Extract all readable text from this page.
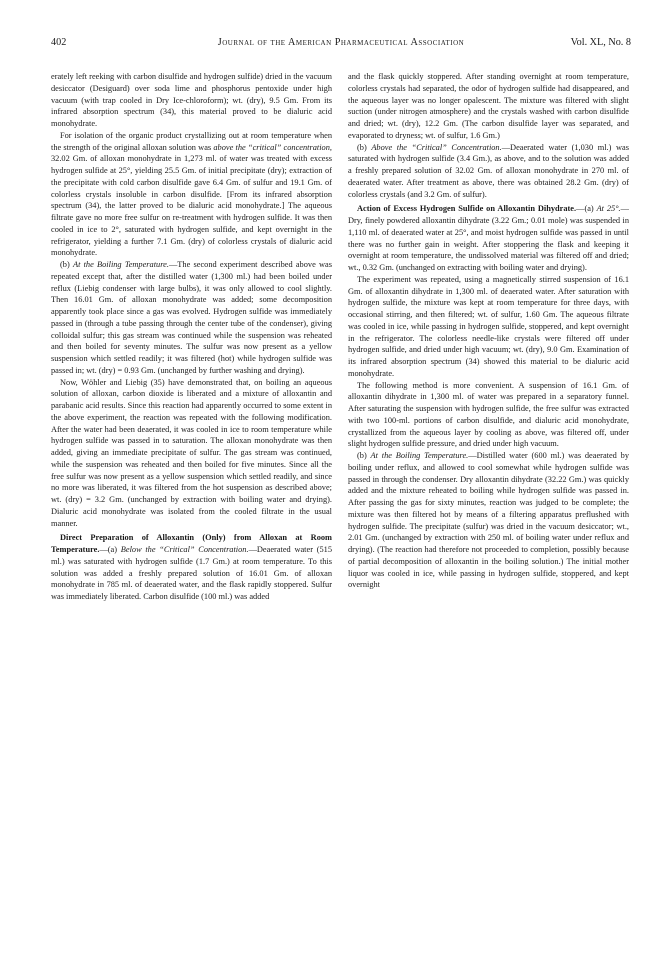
402	Journal of the American Pharmaceutical Association	Vol. XL, No. 8

erately left reeking with carbon disulfide and hydrogen sulfide) dried in the vacuum desiccator (Desiguard) over soda lime and phosphorus pentoxide under high vacuum (with trap cooled in Dry Ice-chloroform); wt. (dry), 9.5 Gm. From its infrared absorption spectrum (34), this material proved to be dialuric acid monohydrate.

For isolation of the organic product crystallizing out at room temperature when the strength of the original alloxan solution was above the “critical” concentration, 32.02 Gm. of alloxan monohydrate in 1,273 ml. of water was treated with excess hydrogen sulfide at 25°, yielding 25.5 Gm. of initial precipitate (dry); extraction of the precipitate with cold carbon disulfide gave 6.4 Gm. of sulfur and 19.1 Gm. of colorless crystals insoluble in carbon disulfide. [From its infrared absorption spectrum (34), the latter proved to be dialuric acid monohydrate.] The aqueous filtrate gave no more free sulfur on re-treatment with hydrogen sulfide. It was then cooled in ice to 2°, saturated with hydrogen sulfide, and kept overnight in the refrigerator, yielding a further 7.1 Gm. (dry) of colorless crystals of dialuric acid monohydrate.

(b) At the Boiling Temperature.—The second experiment described above was repeated except that, after the distilled water (1,300 ml.) had been boiled under reflux (Liebig condenser with large bulbs), it was only allowed to cool slightly. Then 16.01 Gm. of alloxan monohydrate was added; some decomposition apparently took place since a gas was evolved. Hydrogen sulfide was immediately passed in (through a tube passing through the center tube of the condenser), giving colloidal sulfur; this gas stream was continued while the suspension was reheated and then boiled for seventy minutes. The sulfur was now present as a yellow suspension which settled readily; it was filtered (hot) while hydrogen sulfide was passed in; wt. (dry) = 0.93 Gm. (unchanged by further washing and drying).

Now, Wöhler and Liebig (35) have demonstrated that, on boiling an aqueous solution of alloxan, carbon dioxide is liberated and a mixture of alloxantin and parabanic acid results. Since this reaction had apparently occurred to some extent in the above experiment, the reaction was repeated with the following modification. After the water had been deaerated, it was cooled in ice to room temperature while hydrogen sulfide was passed in to saturation. The alloxan monohydrate was then added, giving an immediate precipitate of sulfur. The gas stream was continued, while the suspension was reheated and then boiled for five minutes. Since all the free sulfur was now present as a yellow suspension which settled readily, and since no more was liberated, it was filtered from the hot suspension as described above; wt. (dry) = 3.2 Gm. (unchanged by extraction with boiling water and drying). Dialuric acid monohydrate was isolated from the cooled filtrate in the usual manner.

Direct Preparation of Alloxantin (Only) from Alloxan at Room Temperature.—(a) Below the “Critical” Concentration.—Deaerated water (515 ml.) was saturated with hydrogen sulfide (1.7 Gm.) at room temperature. To this solution was added a freshly prepared solution of 16.01 Gm. of alloxan monohydrate in 785 ml. of deaerated water, and the flask rapidly stoppered. Sulfur was immediately liberated. Carbon disulfide (100 ml.) was added

and the flask quickly stoppered. After standing overnight at room temperature, colorless crystals had separated, the odor of hydrogen sulfide had disappeared, and the aqueous layer was no longer opalescent. The mixture was filtered with slight suction (under nitrogen atmosphere) and the crystals washed with carbon disulfide and dried; wt. (dry), 12.2 Gm. (The carbon disulfide layer was separated, and evaporated to dryness; wt. of sulfur, 1.6 Gm.)

(b) Above the “Critical” Concentration.—Deaerated water (1,030 ml.) was saturated with hydrogen sulfide (3.4 Gm.), as above, and to the solution was added a freshly prepared solution of 32.02 Gm. of alloxan monohydrate in 270 ml. of deaerated water. After treatment as above, there was obtained 28.2 Gm. (dry) of colorless crystals (and 3.2 Gm. of sulfur).

Action of Excess Hydrogen Sulfide on Alloxantin Dihydrate.—(a) At 25°.—Dry, finely powdered alloxantin dihydrate (3.22 Gm.; 0.01 mole) was suspended in 1,110 ml. of deaerated water at 25°, and moist hydrogen sulfide was passed in until there was no further gain in weight. After stoppering the flask and keeping it overnight at room temperature, the undissolved material was filtered off and dried; wt., 0.32 Gm. (unchanged on extracting with boiling water and drying).

The experiment was repeated, using a magnetically stirred suspension of 16.1 Gm. of alloxantin dihydrate in 1,300 ml. of deaerated water. After saturation with hydrogen sulfide, the mixture was kept at room temperature for three days, with occasional stirring, and then filtered; wt. of sulfur, 1.60 Gm. The aqueous filtrate was cooled in ice, while passing in hydrogen sulfide, stoppered, and kept overnight in the refrigerator. The colorless needle-like crystals were filtered off under hydrogen sulfide, and dried under high vacuum; wt. (dry), 9.0 Gm. Examination of its infrared absorption spectrum (34) showed this material to be dialuric acid monohydrate.

The following method is more convenient. A suspension of 16.1 Gm. of alloxantin dihydrate in 1,300 ml. of water was prepared in a separatory funnel. After saturating the suspension with hydrogen sulfide, the free sulfur was extracted with two 100-ml. portions of carbon disulfide, and dialuric acid monohydrate, crystallized from the aqueous layer by cooling as above, was filtered off, under slight hydrogen sulfide pressure, and dried under high vacuum.

(b) At the Boiling Temperature.—Distilled water (600 ml.) was deaerated by boiling under reflux, and allowed to cool somewhat while hydrogen sulfide was passed in through the condenser. Dry alloxantin dihydrate (32.22 Gm.) was quickly added and the mixture reheated to boiling while hydrogen sulfide was passed in. After passing the gas for sixty minutes, reaction was judged to be complete; the mixture was then filtered hot by means of a filtering apparatus preflushed with hydrogen sulfide. The precipitate (sulfur) was dried in the vacuum desiccator; wt., 2.01 Gm. (unchanged by extraction with 250 ml. of boiling water under reflux and drying). (The reaction had therefore not proceeded to completion, possibly because of partial decomposition of alloxantin in the boiling solution.) The initial mother liquor was cooled in ice, while passing in hydrogen sulfide, stoppered, and kept overnight
